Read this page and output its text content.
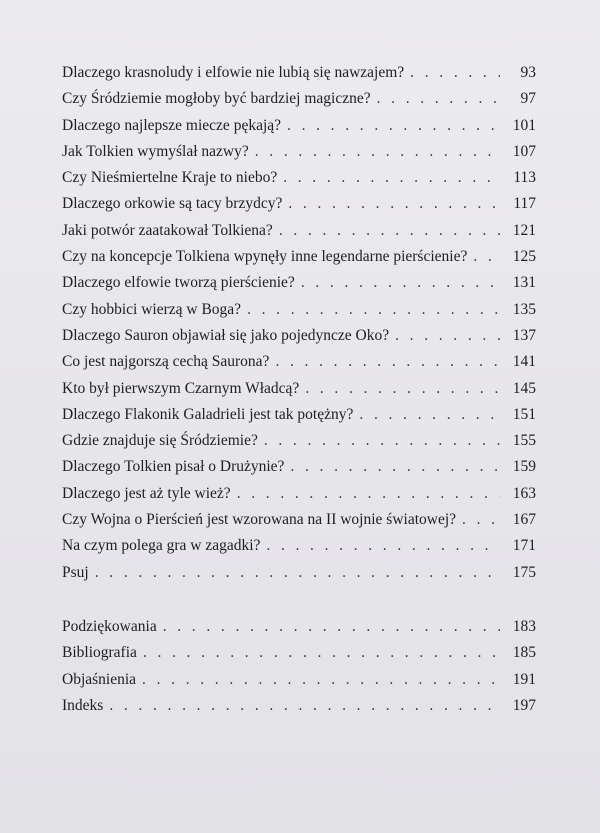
Dlaczego krasnoludy i elfowie nie lubią się nawzajem? . . .	93
Czy Śródziemie mogłoby być bardziej magiczne? . . .	97
Dlaczego najlepsze miecze pękają? . . .	101
Jak Tolkien wymyślał nazwy? . . .	107
Czy Nieśmiertelne Kraje to niebo? . . .	113
Dlaczego orkowie są tacy brzydcy? . . .	117
Jaki potwór zaatakował Tolkiena? . . .	121
Czy na koncepcje Tolkiena wpynęły inne legendarne pierścienie? . . .	125
Dlaczego elfowie tworzą pierścienie? . . .	131
Czy hobbici wierzą w Boga? . . .	135
Dlaczego Sauron objawiał się jako pojedyncze Oko? . . .	137
Co jest najgorszą cechą Saurona? . . .	141
Kto był pierwszym Czarnym Władcą? . . .	145
Dlaczego Flakonik Galadrieli jest tak potężny? . . .	151
Gdzie znajduje się Śródziemie? . . .	155
Dlaczego Tolkien pisał o Drużynie? . . .	159
Dlaczego jest aż tyle wież? . . .	163
Czy Wojna o Pierścień jest wzorowana na II wojnie światowej? . . .	167
Na czym polega gra w zagadki? . . .	171
Psuj . . .	175
Podziękowania . . .	183
Bibliografia . . .	185
Objaśnienia . . .	191
Indeks . . .	197
